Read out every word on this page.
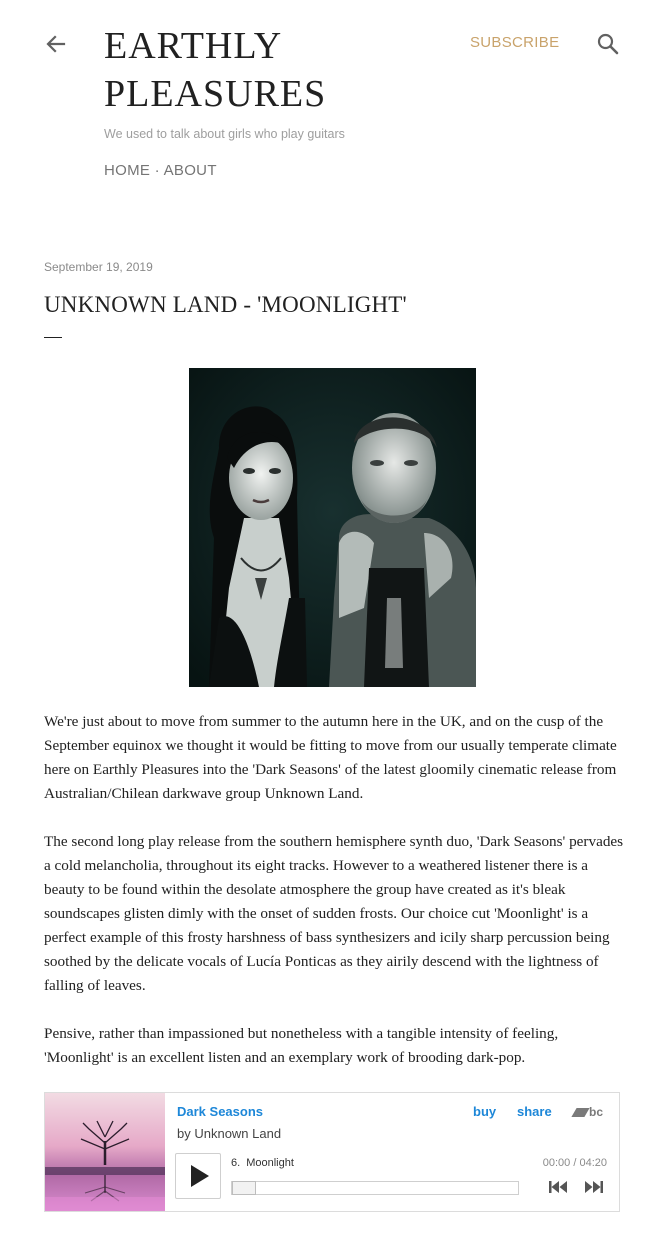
EARTHLY
PLEASURES
SUBSCRIBE
We used to talk about girls who play guitars
HOME · ABOUT
September 19, 2019
UNKNOWN LAND - 'MOONLIGHT'

We're just about to move from summer to the autumn here in the UK, and on the cusp of the September equinox we thought it would be fitting to move from our usually temperate climate here on Earthly Pleasures into the 'Dark Seasons' of the latest gloomily cinematic release from Australian/Chilean darkwave group Unknown Land.

The second long play release from the southern hemisphere synth duo, 'Dark Seasons' pervades a cold melancholia, throughout its eight tracks. However to a weathered listener there is a beauty to be found within the desolate atmosphere the group have created as it's bleak soundscapes glisten dimly with the onset of sudden frosts. Our choice cut 'Moonlight' is a perfect example of this frosty harshness of bass synthesizers and icily sharp percussion being soothed by the delicate vocals of Lucía Ponticas as they airily descend with the lightness of falling of leaves.

Pensive, rather than impassioned but nonetheless with a tangible intensity of feeling, 'Moonlight' is an excellent listen and an exemplary work of brooding dark-pop.

Dark Seasons
by Unknown Land
buy share	bc
6. Moonlight	00:00 / 04:20
